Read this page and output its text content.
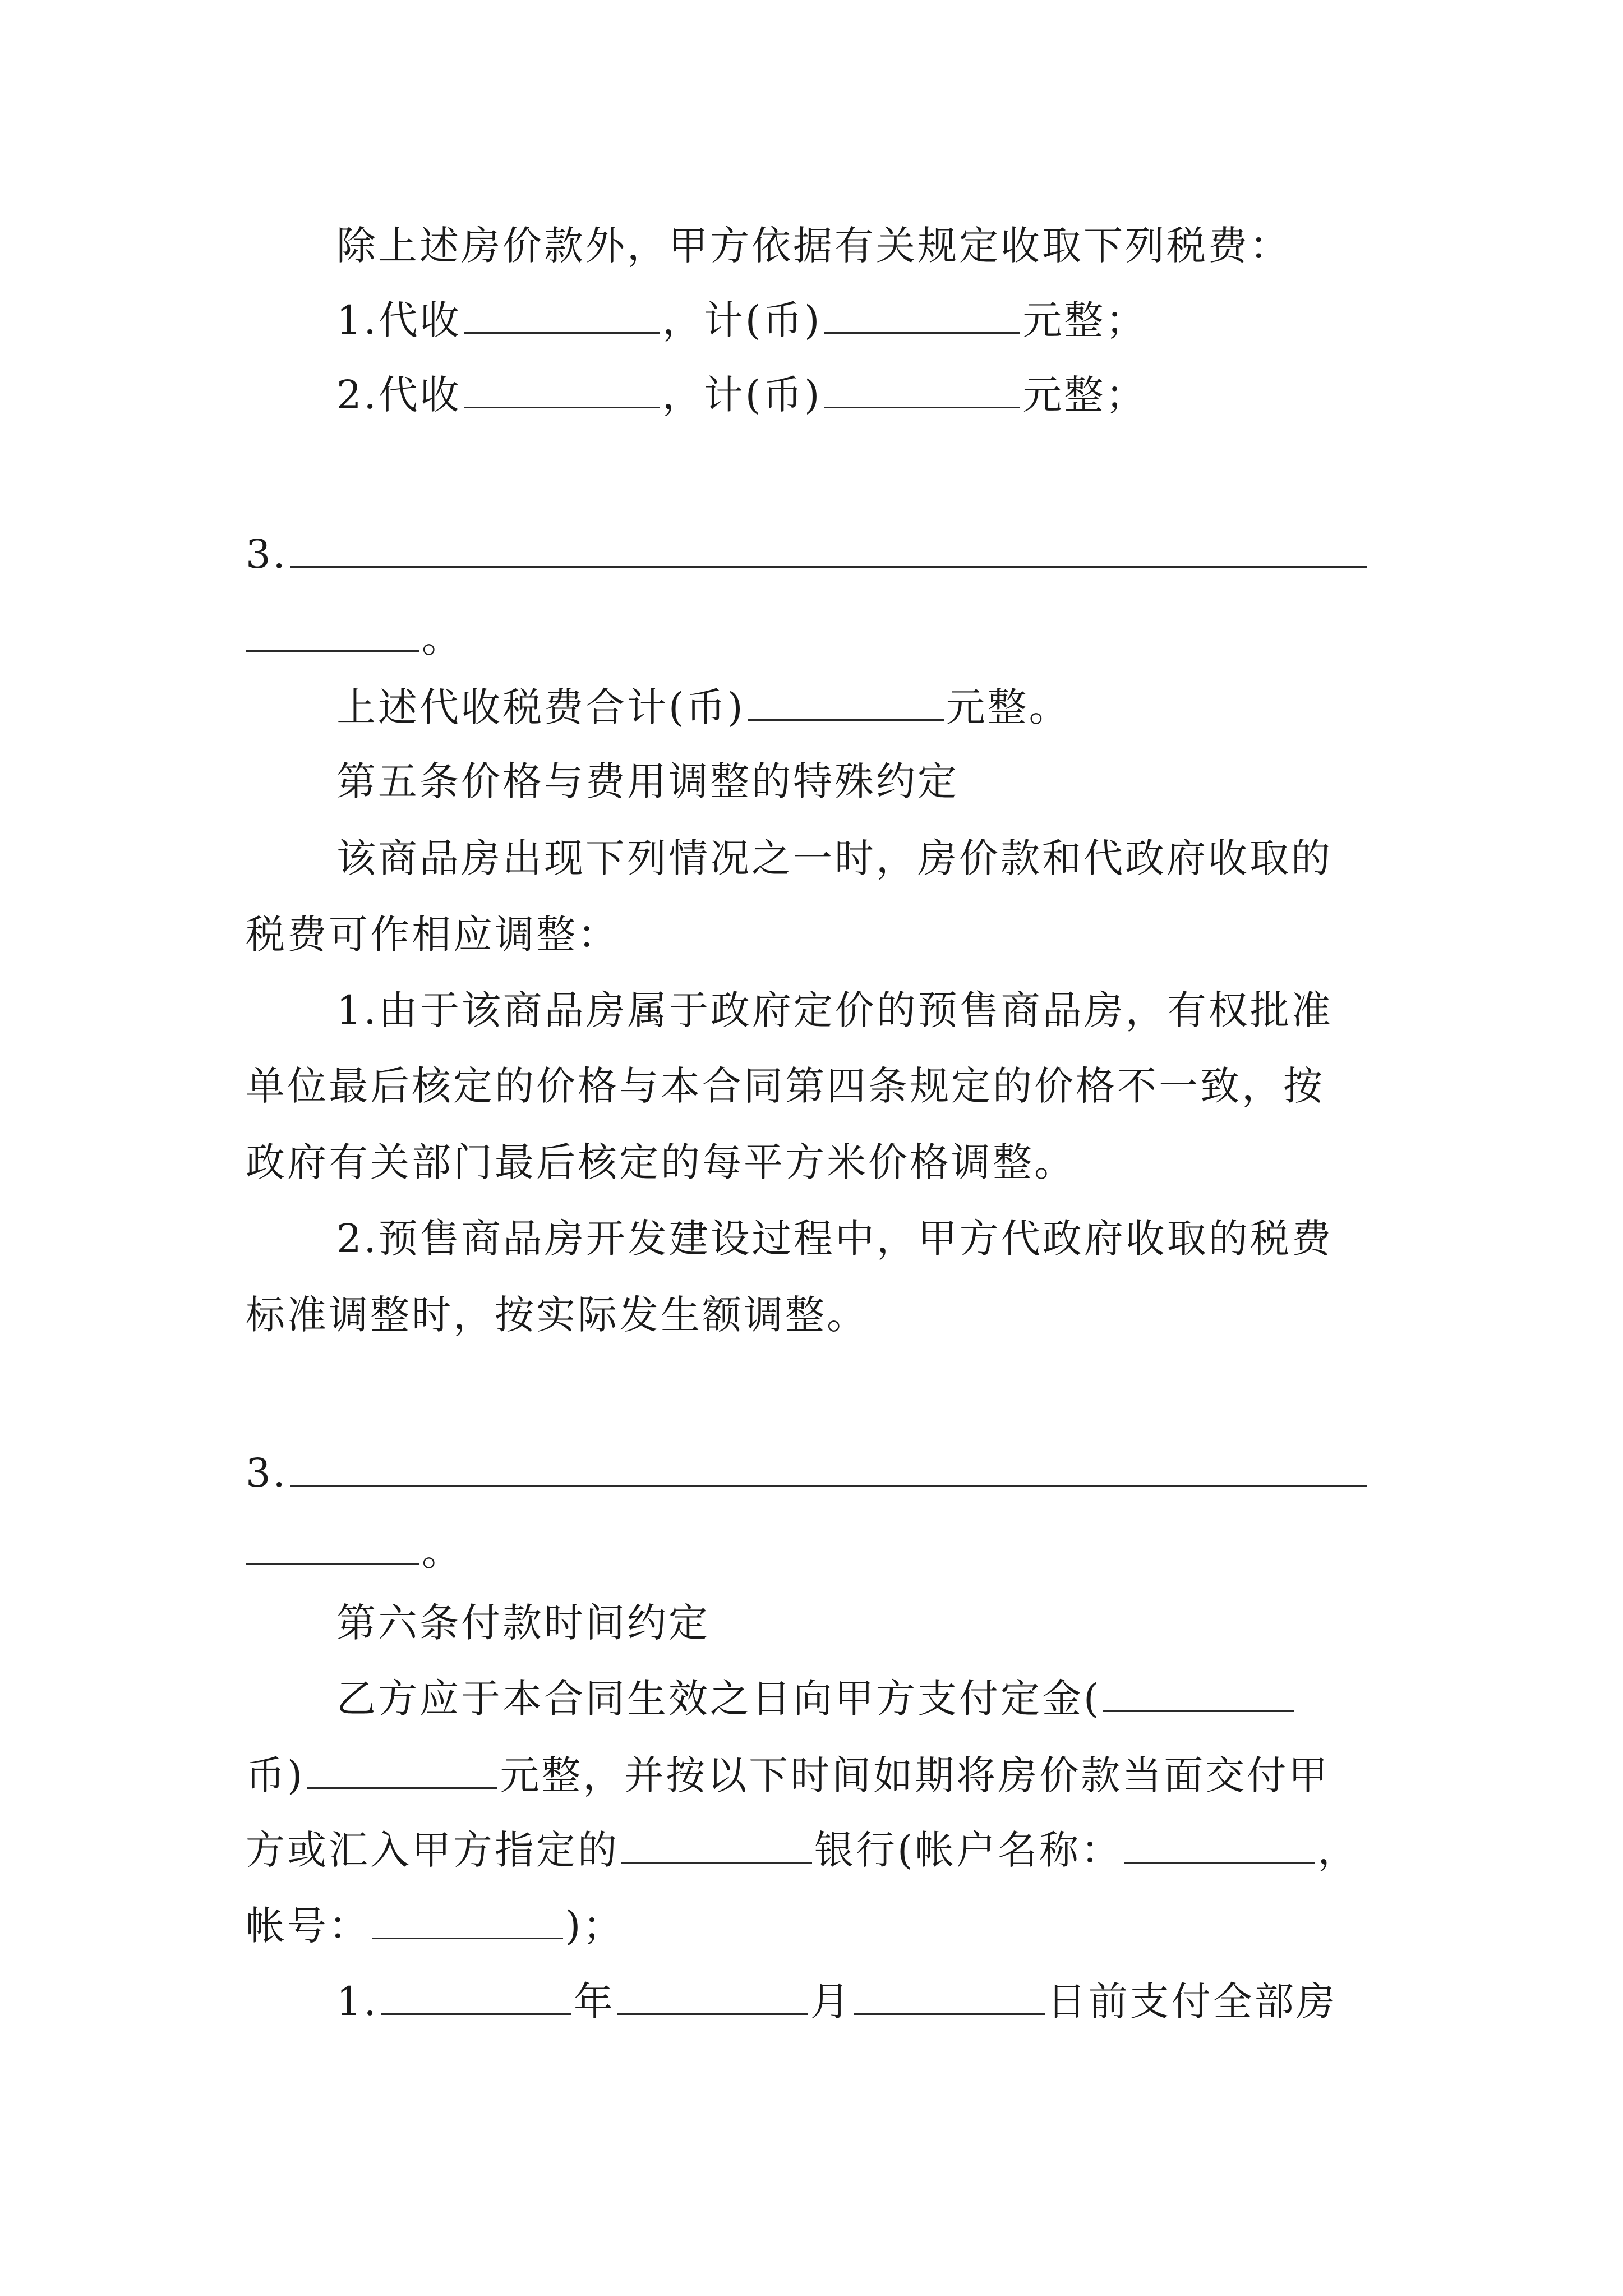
除上述房价款外，甲方依据有关规定收取下列税费：
1.代收	，计(币)	元整；
2.代收	，计(币)	元整；
3.
。
上述代收税费合计(币)	元整。
第五条价格与费用调整的特殊约定
该商品房出现下列情况之一时，房价款和代政府收取的
税费可作相应调整：
1.由于该商品房属于政府定价的预售商品房，有权批准
单位最后核定的价格与本合同第四条规定的价格不一致，按
政府有关部门最后核定的每平方米价格调整。
2.预售商品房开发建设过程中，甲方代政府收取的税费
标准调整时，按实际发生额调整。
3.
。
第六条付款时间约定
乙方应于本合同生效之日向甲方支付定金(
币)	元整，并按以下时间如期将房价款当面交付甲
方或汇入甲方指定的	银行(帐户名称：	，
帐号：	)；
1.	年	月	日前支付全部房
